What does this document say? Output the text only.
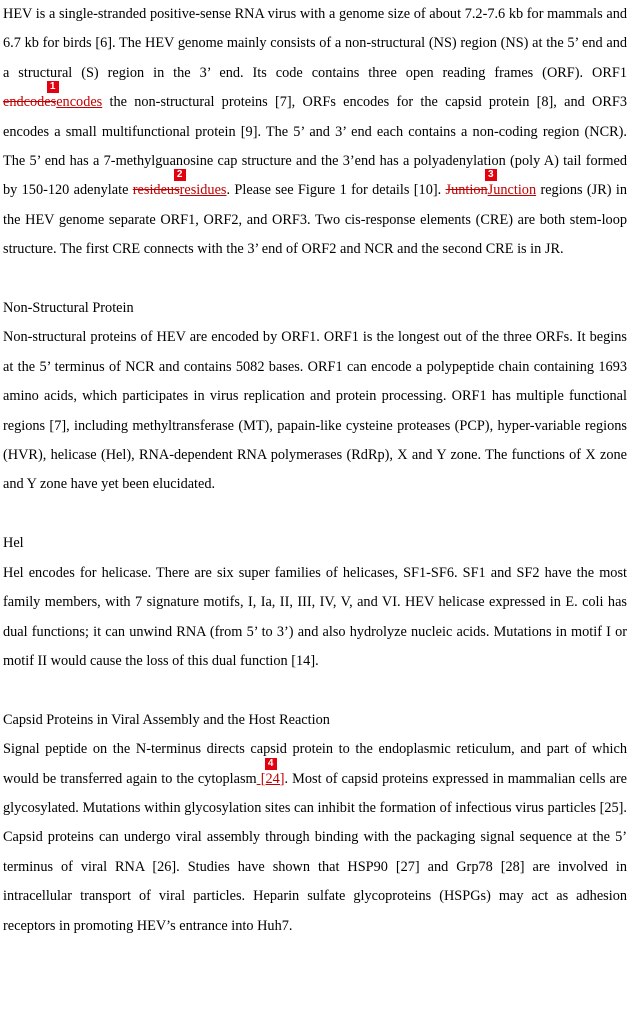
HEV is a single-stranded positive-sense RNA virus with a genome size of about 7.2-7.6 kb for mammals and 6.7 kb for birds [6]. The HEV genome mainly consists of a non-structural (NS) region (NS) at the 5’ end and a structural (S) region in the 3’ end. Its code contains three open reading frames (ORF). ORF1
1
endcodesencodes the non-structural proteins [7], ORFs encodes for the capsid protein [8], and ORF3 encodes a small multifunctional protein [9]. The 5’ and 3’ end each contains a non-coding region (NCR). The 5’ end has a 7-methylguanosine cap structure and the 3’end has a polyadenylation (poly A) tail formed by 150-120 adenylate
2
resideusresidues. Please see Figure 1 for details [10].
3
JuntionJunction regions (JR) in the HEV genome separate ORF1, ORF2, and ORF3. Two cis-response elements (CRE) are both stem-loop structure. The first CRE connects with the 3’ end of ORF2 and NCR and the second CRE is in JR.

Non-Structural Protein

Non-structural proteins of HEV are encoded by ORF1. ORF1 is the longest out of the three ORFs. It begins at the 5’ terminus of NCR and contains 5082 bases. ORF1 can encode a polypeptide chain containing 1693 amino acids, which participates in virus replication and protein processing. ORF1 has multiple functional regions [7], including methyltransferase (MT), papain-like cysteine proteases (PCP), hyper-variable regions (HVR), helicase (Hel), RNA-dependent RNA polymerases (RdRp), X and Y zone. The functions of X zone and Y zone have yet been elucidated.

Hel

Hel encodes for helicase. There are six super families of helicases, SF1-SF6. SF1 and SF2 have the most family members, with 7 signature motifs, I, Ia, II, III, IV, V, and VI. HEV helicase expressed in E. coli has dual functions; it can unwind RNA (from 5’ to 3’) and also hydrolyze nucleic acids. Mutations in motif I or motif II would cause the loss of this dual function [14].

Capsid Proteins in Viral Assembly and the Host Reaction

Signal peptide on the N-terminus directs capsid protein to the endoplasmic reticulum, and part of which would be transferred again to the cytoplasm
4
[24]. Most of capsid proteins expressed in mammalian cells are glycosylated. Mutations within glycosylation sites can inhibit the formation of infectious virus particles [25]. Capsid proteins can undergo viral assembly through binding with the packaging signal sequence at the 5’ terminus of viral RNA [26]. Studies have shown that HSP90 [27] and Grp78 [28] are involved in intracellular transport of viral particles. Heparin sulfate glycoproteins (HSPGs) may act as adhesion receptors in promoting HEV’s entrance into Huh7.
